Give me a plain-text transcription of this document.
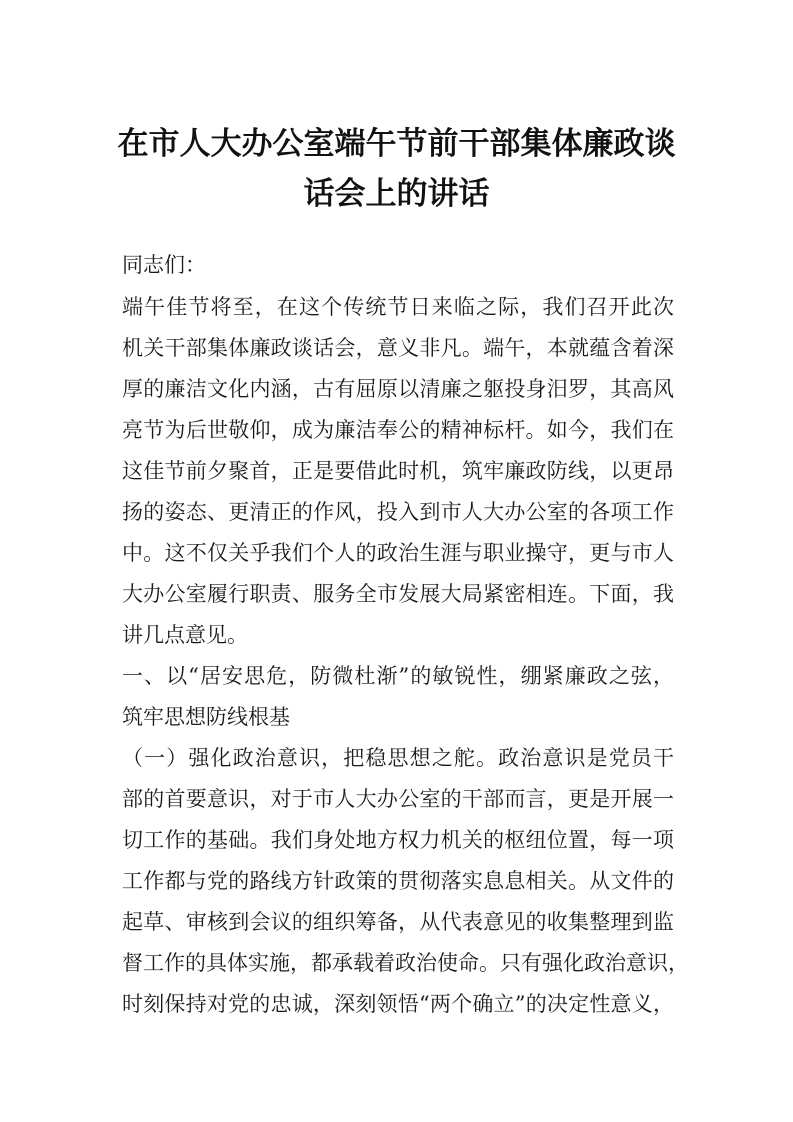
在市人大办公室端午节前干部集体廉政谈
话会上的讲话
同志们：
端午佳节将至，在这个传统节日来临之际，我们召开此次
机关干部集体廉政谈话会，意义非凡。端午，本就蕴含着深
厚的廉洁文化内涵，古有屈原以清廉之躯投身汨罗，其高风
亮节为后世敬仰，成为廉洁奉公的精神标杆。如今，我们在
这佳节前夕聚首，正是要借此时机，筑牢廉政防线，以更昂
扬的姿态、更清正的作风，投入到市人大办公室的各项工作
中。这不仅关乎我们个人的政治生涯与职业操守，更与市人
大办公室履行职责、服务全市发展大局紧密相连。下面，我
讲几点意见。
一、以“居安思危，防微杜渐”的敏锐性，绷紧廉政之弦，
筑牢思想防线根基
（一）强化政治意识，把稳思想之舵。政治意识是党员干
部的首要意识，对于市人大办公室的干部而言，更是开展一
切工作的基础。我们身处地方权力机关的枢纽位置，每一项
工作都与党的路线方针政策的贯彻落实息息相关。从文件的
起草、审核到会议的组织筹备，从代表意见的收集整理到监
督工作的具体实施，都承载着政治使命。只有强化政治意识，
时刻保持对党的忠诚，深刻领悟“两个确立”的决定性意义，
